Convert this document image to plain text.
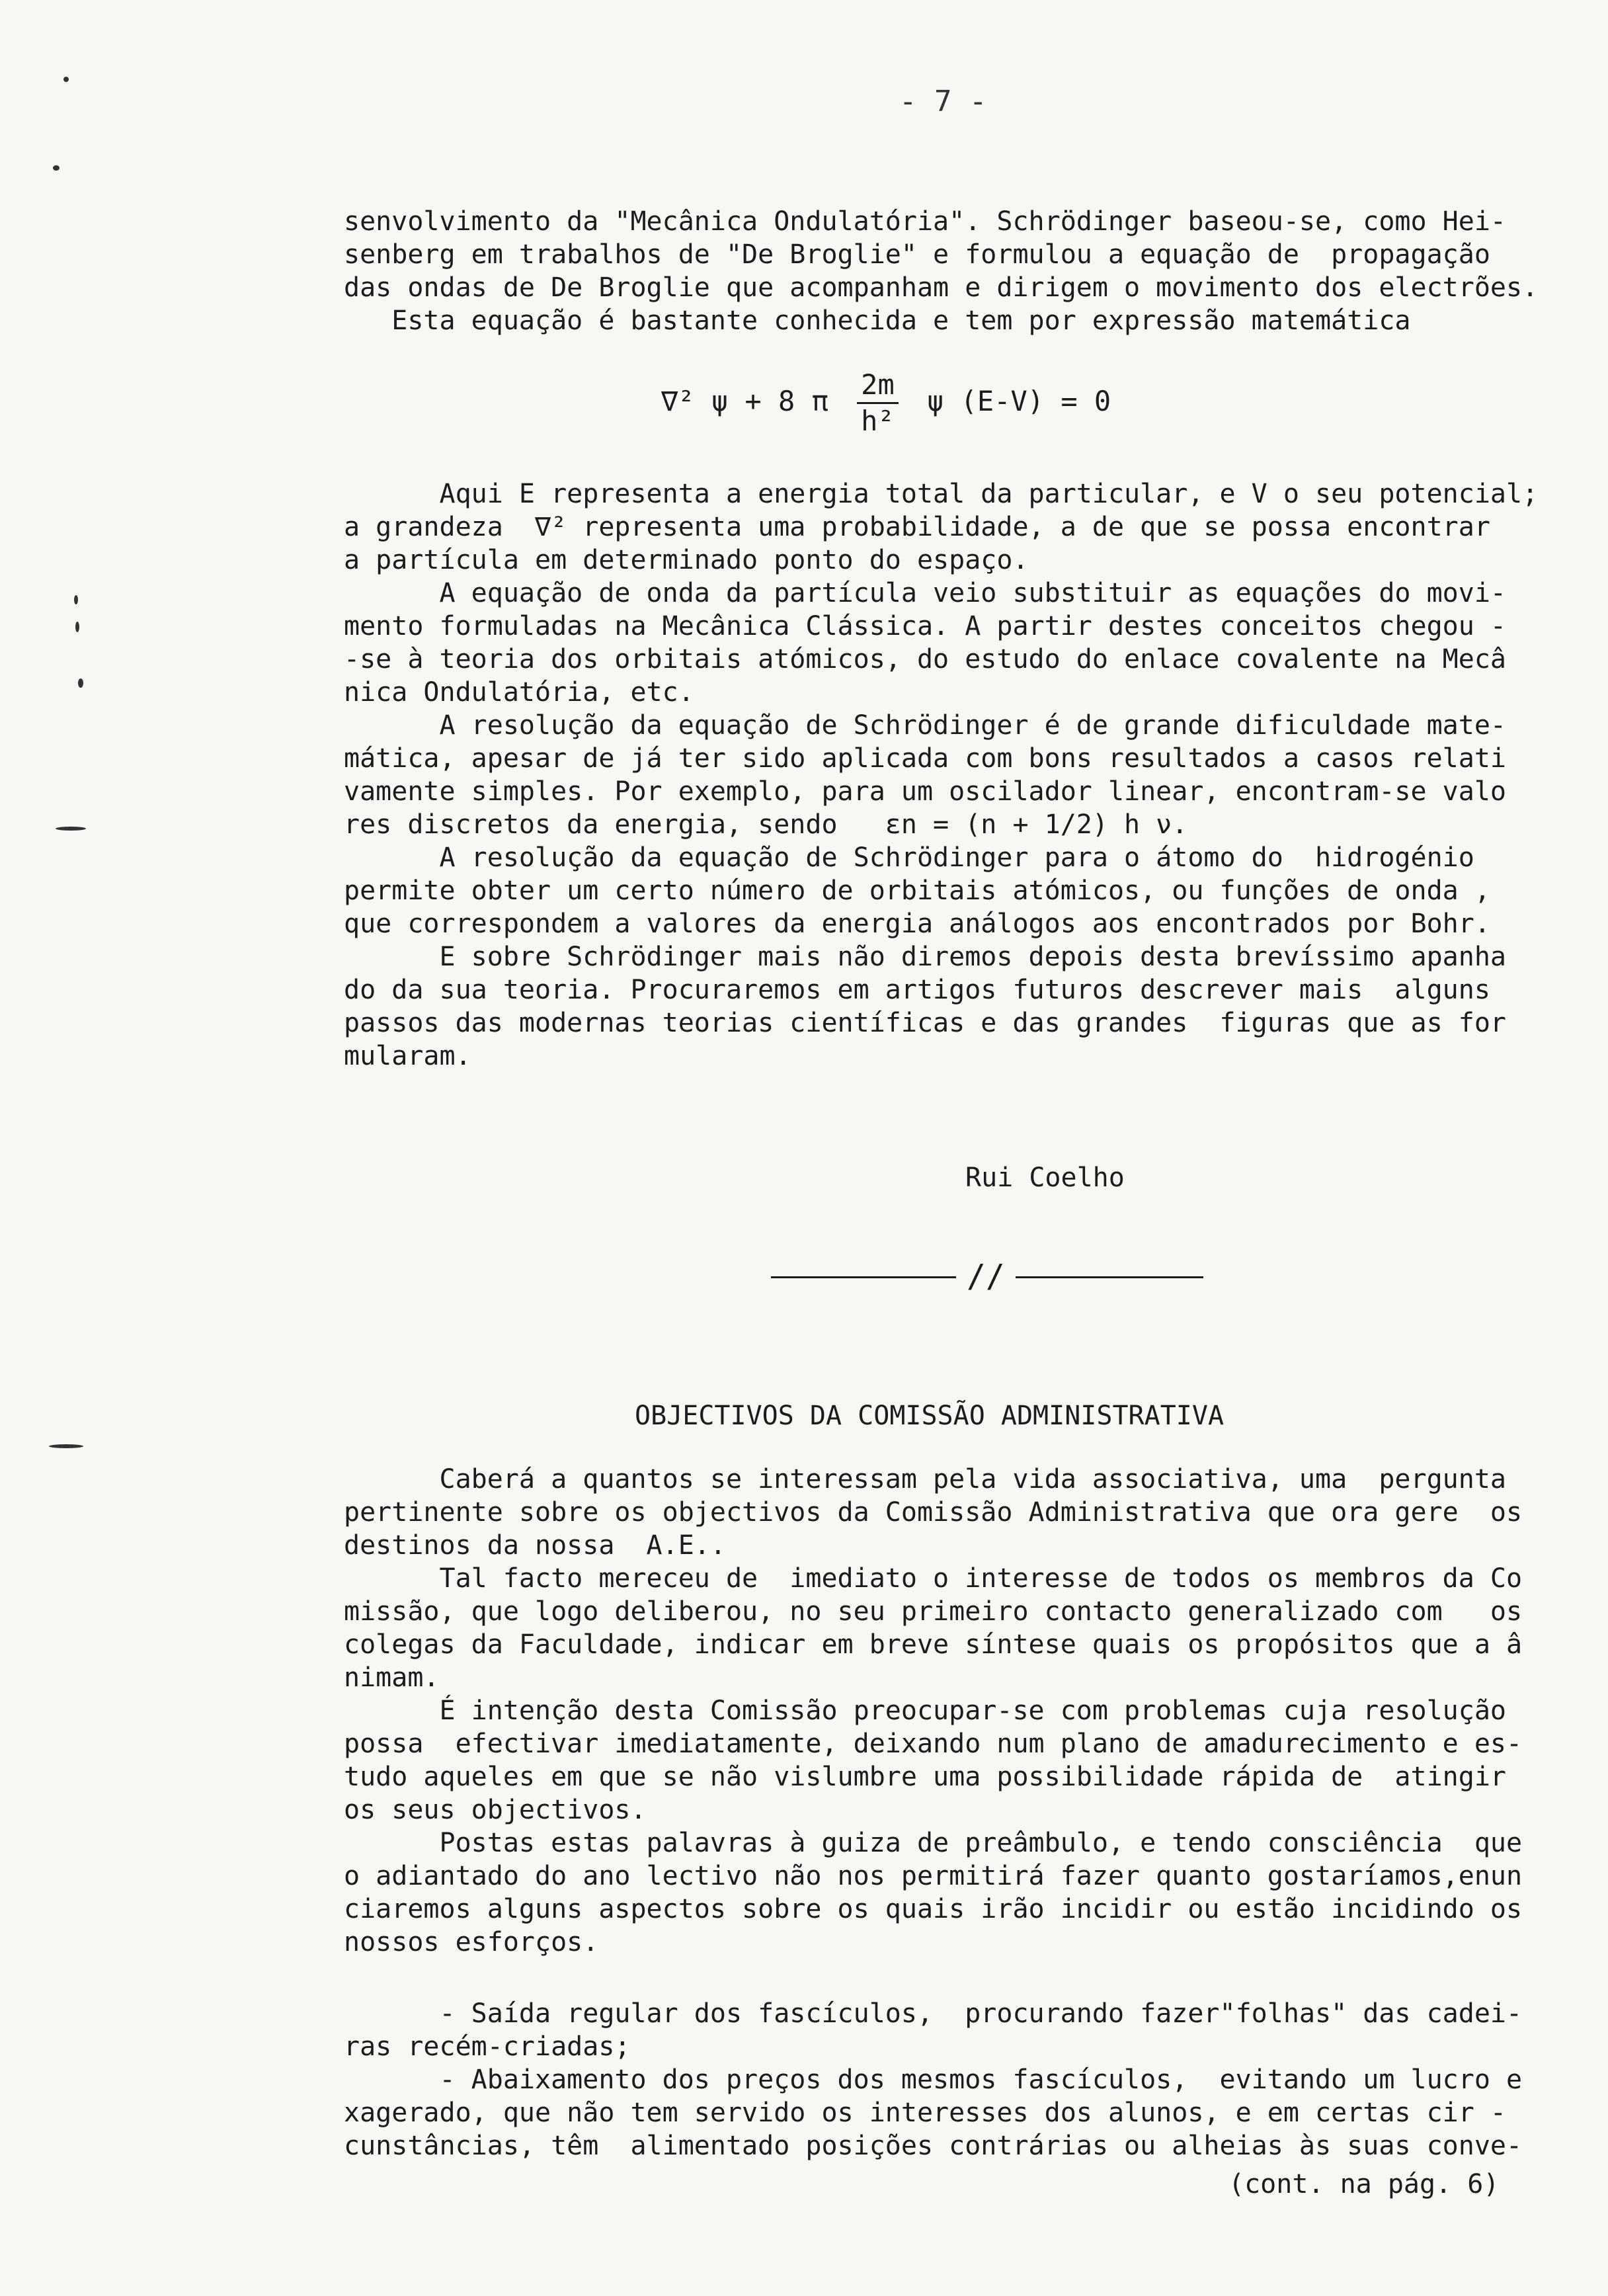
- 7 -
senvolvimento da "Mecânica Ondulatória". Schrödinger baseou-se, como Hei-
senberg em trabalhos de "De Broglie" e formulou a equação de  propagação
das ondas de De Broglie que acompanham e dirigem o movimento dos electrões.
Esta equação é bastante conhecida e tem por expressão matemática
∇² ψ + 8 π $\frac{2m}{\text{h²}}$ ψ (E-V) = 0
Aqui E representa a energia total da particular, e V o seu potencial;
a grandeza  ∇² representa uma probabilidade, a de que se possa encontrar
a partícula em determinado ponto do espaço.
A equação de onda da partícula veio substituir as equações do movi-
mento formuladas na Mecânica Clássica. A partir destes conceitos chegou -
-se à teoria dos orbitais atómicos, do estudo do enlace covalente na Mecâ
nica Ondulatória, etc.
A resolução da equação de Schrödinger é de grande dificuldade mate-
mática, apesar de já ter sido aplicada com bons resultados a casos relati
vamente simples. Por exemplo, para um oscilador linear, encontram-se valo
res discretos da energia, sendo   εn = (n + 1/2) h ν.
A resolução da equação de Schrödinger para o átomo do  hidrogénio
permite obter um certo número de orbitais atómicos, ou funções de onda ,
que correspondem a valores da energia análogos aos encontrados por Bohr.
E sobre Schrödinger mais não diremos depois desta brevíssimo apanha
do da sua teoria. Procuraremos em artigos futuros descrever mais  alguns
passos das modernas teorias científicas e das grandes  figuras que as for
mularam.
Rui Coelho
//
OBJECTIVOS DA COMISSÃO ADMINISTRATIVA
Caberá a quantos se interessam pela vida associativa, uma  pergunta
pertinente sobre os objectivos da Comissão Administrativa que ora gere  os
destinos da nossa  A.E..
Tal facto mereceu de  imediato o interesse de todos os membros da Co
missão, que logo deliberou, no seu primeiro contacto generalizado com   os
colegas da Faculdade, indicar em breve síntese quais os propósitos que a â
nimam.
É intenção desta Comissão preocupar-se com problemas cuja resolução
possa  efectivar imediatamente, deixando num plano de amadurecimento e es-
tudo aqueles em que se não vislumbre uma possibilidade rápida de  atingir
os seus objectivos.
Postas estas palavras à guiza de preâmbulo, e tendo consciência  que
o adiantado do ano lectivo não nos permitirá fazer quanto gostaríamos,enun
ciaremos alguns aspectos sobre os quais irão incidir ou estão incidindo os
nossos esforços.
- Saída regular dos fascículos,  procurando fazer"folhas" das cadei-
ras recém-criadas;
- Abaixamento dos preços dos mesmos fascículos,  evitando um lucro e
xagerado, que não tem servido os interesses dos alunos, e em certas cir -
cunstâncias, têm  alimentado posições contrárias ou alheias às suas conve-
(cont. na pág. 6)
